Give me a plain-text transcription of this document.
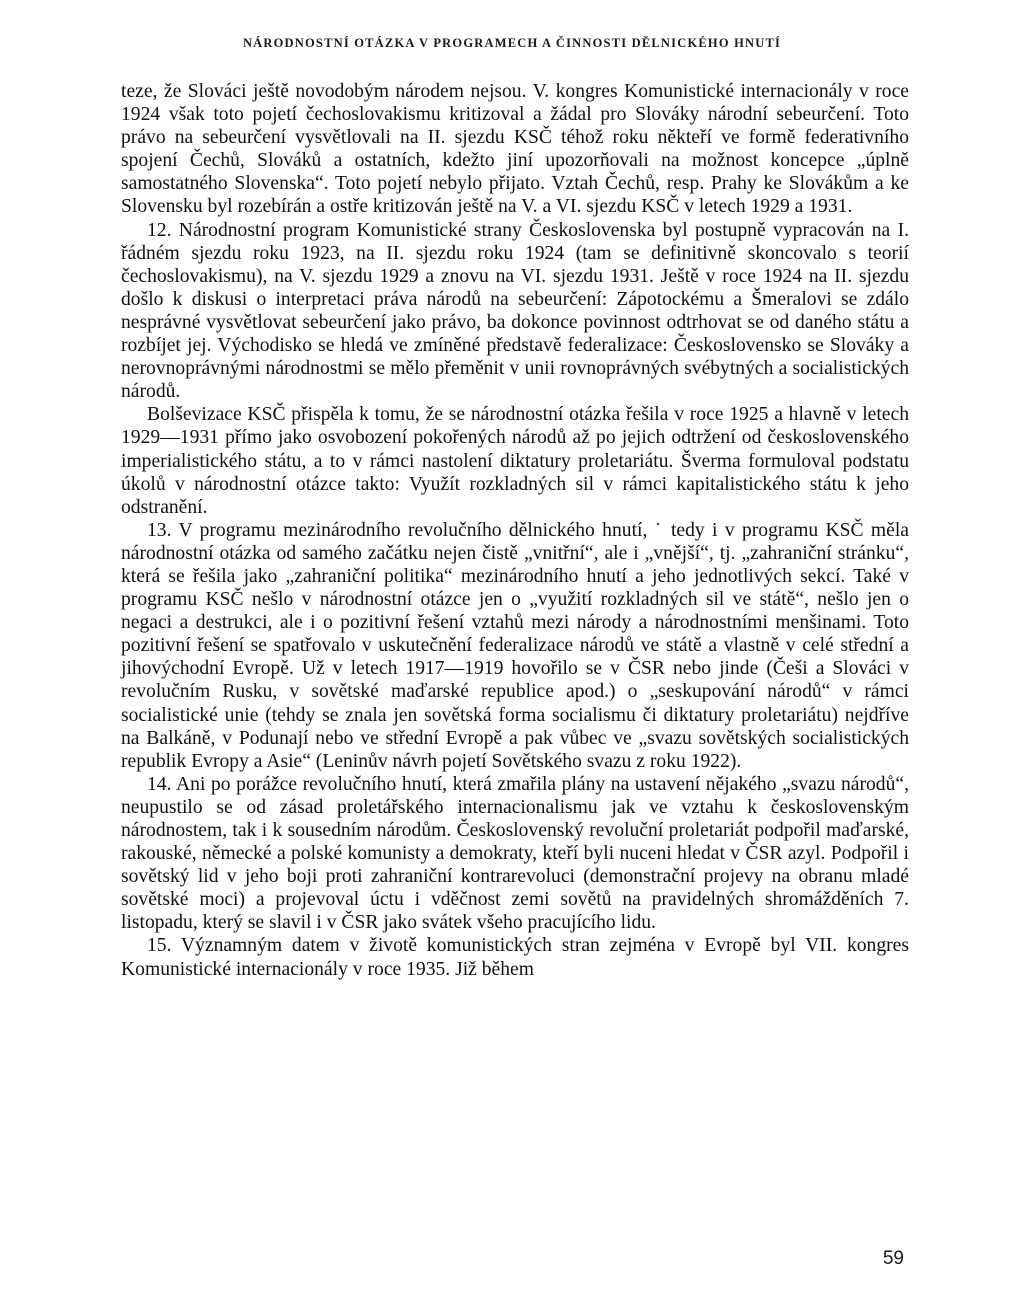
NÁRODNOSTNÍ OTÁZKA V PROGRAMECH A ČINNOSTI DĚLNICKÉHO HNUTÍ

teze, že Slováci ještě novodobým národem nejsou. V. kongres Komunistické internacionály v roce 1924 však toto pojetí čechoslovakismu kritizoval a žádal pro Slováky národní sebeurčení. Toto právo na sebeurčení vysvětlovali na II. sjezdu KSČ téhož roku někteří ve formě federativního spojení Čechů, Slováků a ostatních, kdežto jiní upozorňovali na možnost koncepce „úplně samostatného Slovenska“. Toto pojetí nebylo přijato. Vztah Čechů, resp. Prahy ke Slovákům a ke Slovensku byl rozebírán a ostře kritizován ještě na V. a VI. sjezdu KSČ v letech 1929 a 1931.

12. Národnostní program Komunistické strany Československa byl postupně vypracován na I. řádném sjezdu roku 1923, na II. sjezdu roku 1924 (tam se definitivně skoncovalo s teorií čechoslovakismu), na V. sjezdu 1929 a znovu na VI. sjezdu 1931. Ještě v roce 1924 na II. sjezdu došlo k diskusi o interpretaci práva národů na sebeurčení: Zápotockému a Šmeralovi se zdálo nesprávné vysvětlovat sebeurčení jako právo, ba dokonce povinnost odtrhovat se od daného státu a rozbíjet jej. Východisko se hledá ve zmíněné představě federalizace: Československo se Slováky a nerovnoprávnými národnostmi se mělo přeměnit v unii rovnoprávných svébytných a socialistických národů.

Bolševizace KSČ přispěla k tomu, že se národnostní otázka řešila v roce 1925 a hlavně v letech 1929—1931 přímo jako osvobození pokořených národů až po jejich odtržení od československého imperialistického státu, a to v rámci nastolení diktatury proletariátu. Šverma formuloval podstatu úkolů v národnostní otázce takto: Využít rozkladných sil v rámci kapitalistického státu k jeho odstranění.

13. V programu mezinárodního revolučního dělnického hnutí, ˙ tedy i v programu KSČ měla národnostní otázka od samého začátku nejen čistě „vnitřní“, ale i „vnější“, tj. „zahraniční stránku“, která se řešila jako „zahraniční politika“ mezinárodního hnutí a jeho jednotlivých sekcí. Také v programu KSČ nešlo v národnostní otázce jen o „využití rozkladných sil ve státě“, nešlo jen o negaci a destrukci, ale i o pozitivní řešení vztahů mezi národy a národnostními menšinami. Toto pozitivní řešení se spatřovalo v uskutečnění federalizace národů ve státě a vlastně v celé střední a jihovýchodní Evropě. Už v letech 1917—1919 hovořilo se v ČSR nebo jinde (Češi a Slováci v revolučním Rusku, v sovětské maďarské republice apod.) o „seskupování národů“ v rámci socialistické unie (tehdy se znala jen sovětská forma socialismu či diktatury proletariátu) nejdříve na Balkáně, v Podunají nebo ve střední Evropě a pak vůbec ve „svazu sovětských socialistických republik Evropy a Asie“ (Leninův návrh pojetí Sovětského svazu z roku 1922).

14. Ani po porážce revolučního hnutí, která zmařila plány na ustavení nějakého „svazu národů“, neupustilo se od zásad proletářského internacionalismu jak ve vztahu k československým národnostem, tak i k sousedním národům. Československý revoluční proletariát podpořil maďarské, rakouské, německé a polské komunisty a demokraty, kteří byli nuceni hledat v ČSR azyl. Podpořil i sovětský lid v jeho boji proti zahraniční kontrarevoluci (demonstrační projevy na obranu mladé sovětské moci) a projevoval úctu i vděčnost zemi sovětů na pravidelných shromážděních 7. listopadu, který se slavil i v ČSR jako svátek všeho pracujícího lidu.

15. Významným datem v životě komunistických stran zejména v Evropě byl VII. kongres Komunistické internacionály v roce 1935. Již během

59
